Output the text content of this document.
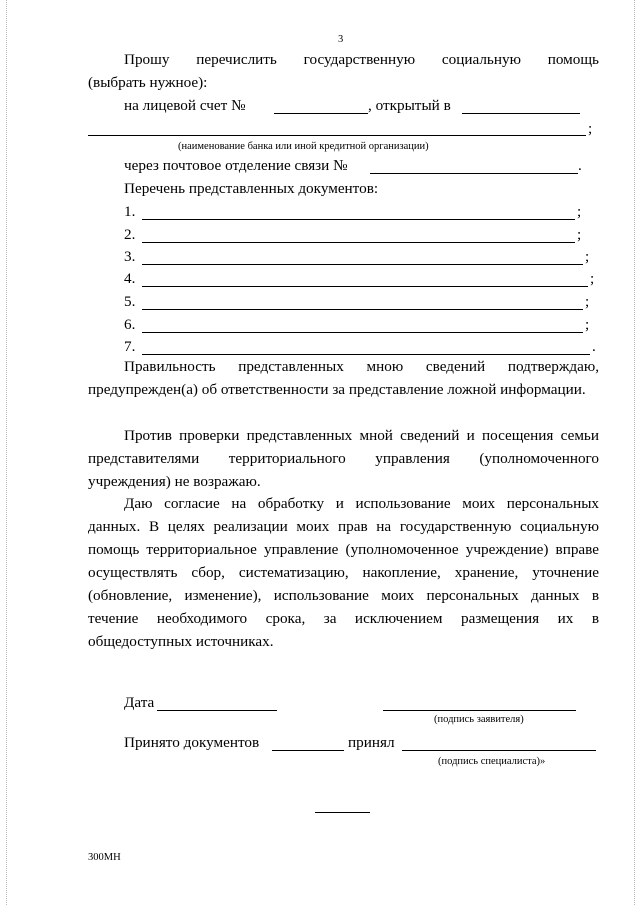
3
Прошу перечислить государственную социальную помощь
(выбрать нужное):
на лицевой счет №	, открытый в
;
(наименование банка или иной кредитной организации)
через почтовое отделение связи №	.
Перечень представленных документов:
1.	;
2.	;
3.	;
4.	;
5.	;
6.	;
7.	.
Правильность представленных мною сведений подтверждаю, предупрежден(а) об ответственности за представление ложной информации.
Против проверки представленных мной сведений и посещения семьи представителями территориального управления (уполномоченного учреждения) не возражаю.
Даю согласие на обработку и использование моих персональных данных. В целях реализации моих прав на государственную социальную помощь территориальное управление (уполномоченное учреждение) вправе осуществлять сбор, систематизацию, накопление, хранение, уточнение (обновление, изменение), использование моих персональных данных в течение необходимого срока, за исключением размещения их в общедоступных источниках.
Дата
(подпись заявителя)
Принято документов	принял
(подпись специалиста)»
300МН
